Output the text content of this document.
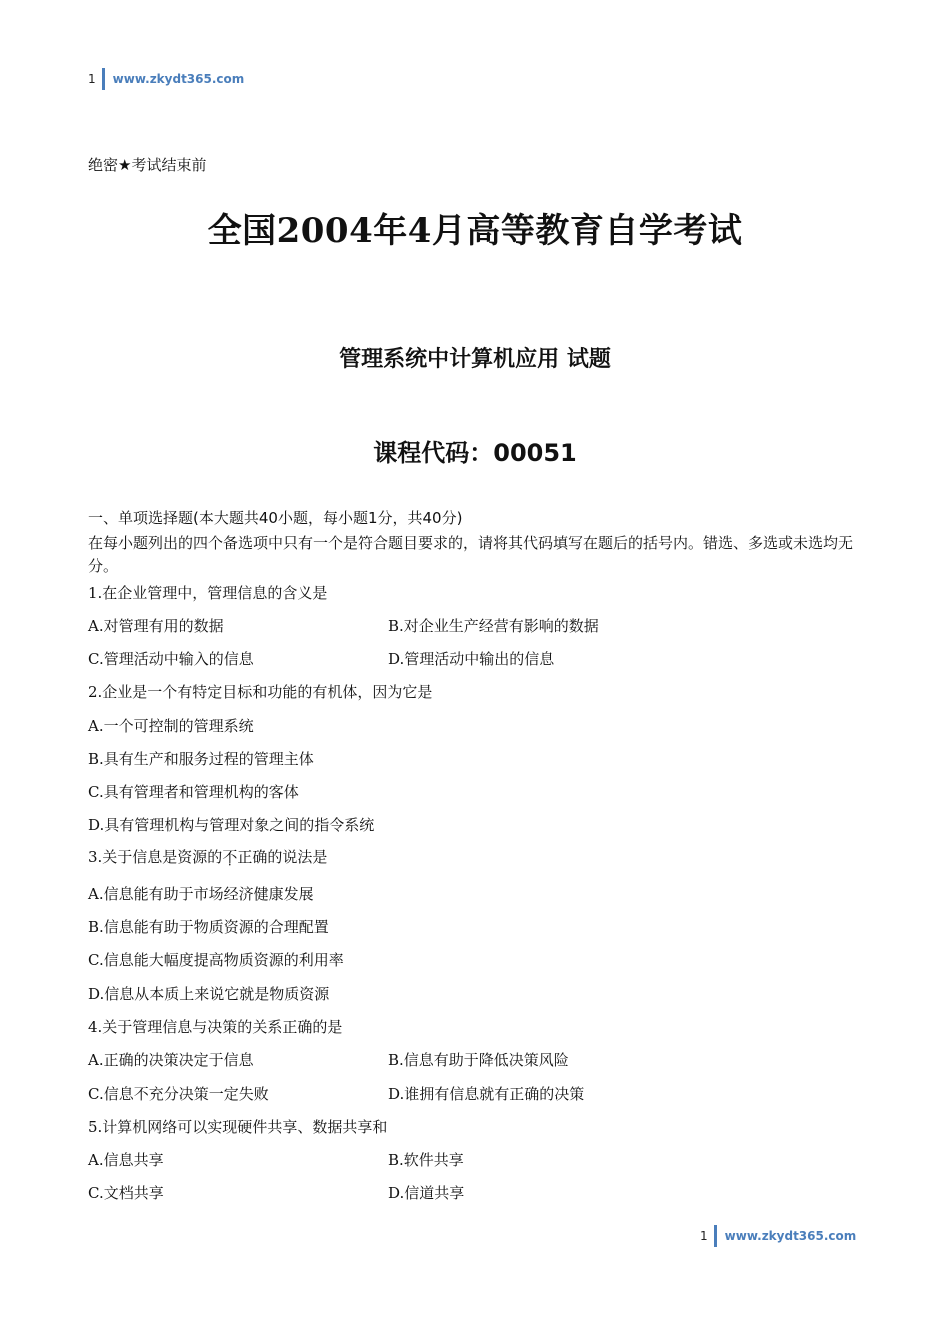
1 www.zkydt365.com
绝密★考试结束前
全国2004年4月高等教育自学考试
管理系统中计算机应用 试题
课程代码：00051
一、单项选择题(本大题共40小题，每小题1分，共40分)
在每小题列出的四个备选项中只有一个是符合题目要求的，请将其代码填写在题后的括号内。错选、多选或未选均无分。
1.在企业管理中，管理信息的含义是
A.对管理有用的数据	B.对企业生产经营有影响的数据
C.管理活动中输入的信息	D.管理活动中输出的信息
2.企业是一个有特定目标和功能的有机体，因为它是
A.一个可控制的管理系统
B.具有生产和服务过程的管理主体
C.具有管理者和管理机构的客体
D.具有管理机构与管理对象之间的指令系统
3.关于信息是资源的不正确的说法是
A.信息能有助于市场经济健康发展
B.信息能有助于物质资源的合理配置
C.信息能大幅度提高物质资源的利用率
D.信息从本质上来说它就是物质资源
4.关于管理信息与决策的关系正确的是
A.正确的决策决定于信息	B.信息有助于降低决策风险
C.信息不充分决策一定失败	D.谁拥有信息就有正确的决策
5.计算机网络可以实现硬件共享、数据共享和
A.信息共享	B.软件共享
C.文档共享	D.信道共享
1 www.zkydt365.com
